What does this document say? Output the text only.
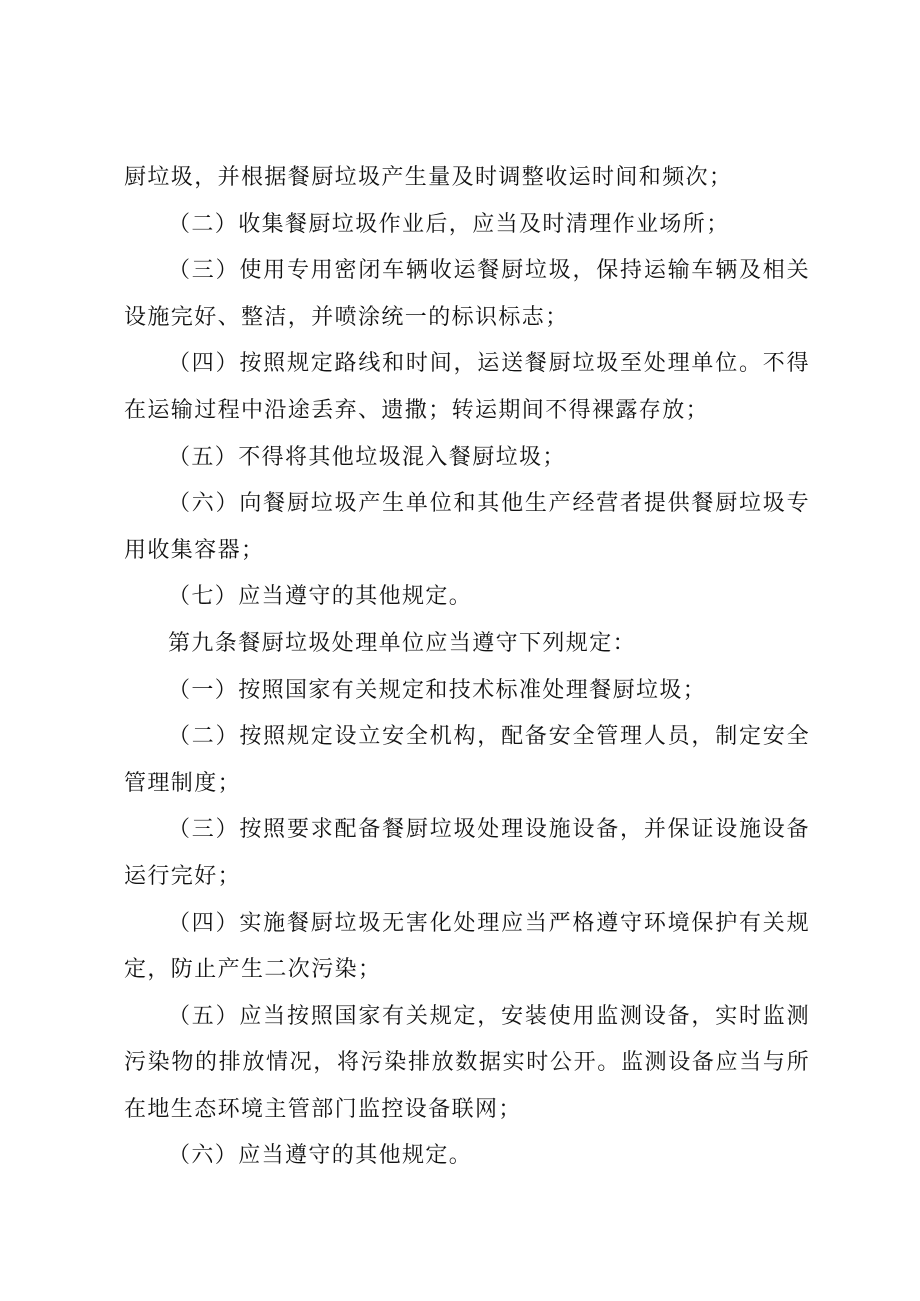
厨垃圾，并根据餐厨垃圾产生量及时调整收运时间和频次；

（二）收集餐厨垃圾作业后，应当及时清理作业场所；

（三）使用专用密闭车辆收运餐厨垃圾，保持运输车辆及相关设施完好、整洁，并喷涂统一的标识标志；

（四）按照规定路线和时间，运送餐厨垃圾至处理单位。不得在运输过程中沿途丢弃、遗撒；转运期间不得裸露存放；

（五）不得将其他垃圾混入餐厨垃圾；

（六）向餐厨垃圾产生单位和其他生产经营者提供餐厨垃圾专用收集容器；

（七）应当遵守的其他规定。

第九条餐厨垃圾处理单位应当遵守下列规定：

（一）按照国家有关规定和技术标准处理餐厨垃圾；

（二）按照规定设立安全机构，配备安全管理人员，制定安全管理制度；

（三）按照要求配备餐厨垃圾处理设施设备，并保证设施设备运行完好；

（四）实施餐厨垃圾无害化处理应当严格遵守环境保护有关规定，防止产生二次污染；

（五）应当按照国家有关规定，安装使用监测设备，实时监测污染物的排放情况，将污染排放数据实时公开。监测设备应当与所在地生态环境主管部门监控设备联网；

（六）应当遵守的其他规定。
